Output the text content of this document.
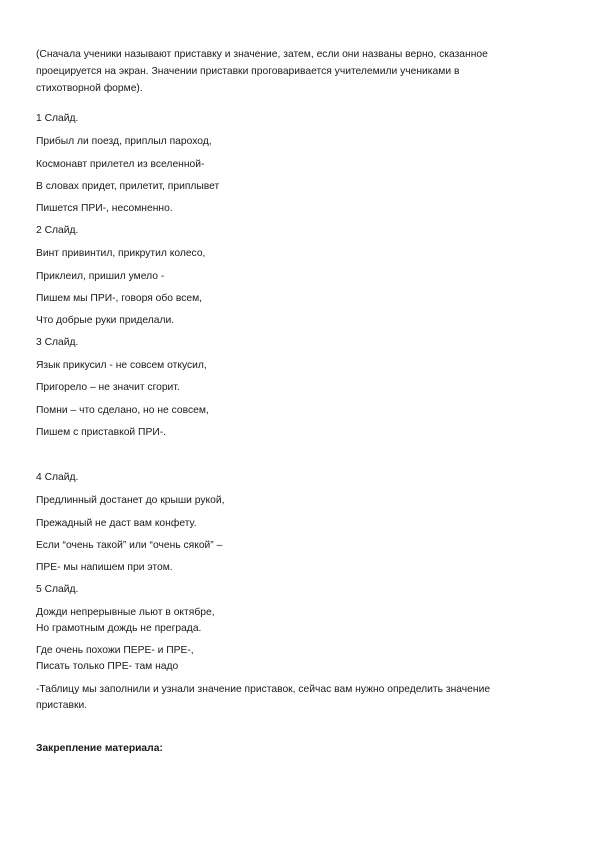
(Сначала ученики называют приставку и значение, затем, если они названы верно, сказанное проецируется на экран. Значении приставки проговаривается учителемили учениками в стихотворной форме).

1 Слайд.

Прибыл ли поезд, приплыл пароход,

Космонавт прилетел из вселенной-

В словах придет, прилетит, приплывет

Пишется ПРИ-, несомненно.

2 Слайд.

Винт привинтил, прикрутил колесо,

Приклеил, пришил умело -

Пишем мы ПРИ-, говоря обо всем,

Что добрые руки приделали.

3 Слайд.

Язык прикусил - не совсем откусил,

Пригорело – не значит сгорит.

Помни – что сделано, но не совсем,

Пишем с приставкой ПРИ-.

4 Слайд.

Предлинный достанет до крыши рукой,

Прежадный не даст вам конфету.

Если “очень такой” или “очень сякой” –

ПРЕ- мы напишем при этом.

5 Слайд.

Дожди непрерывные льют в октябре,

Но грамотным дождь не преграда.

Где очень похожи ПЕРЕ- и ПРЕ-,

Писать только ПРЕ- там надо

-Таблицу мы заполнили и узнали значение приставок, сейчас вам нужно определить значение

приставки.

Закрепление материала:
